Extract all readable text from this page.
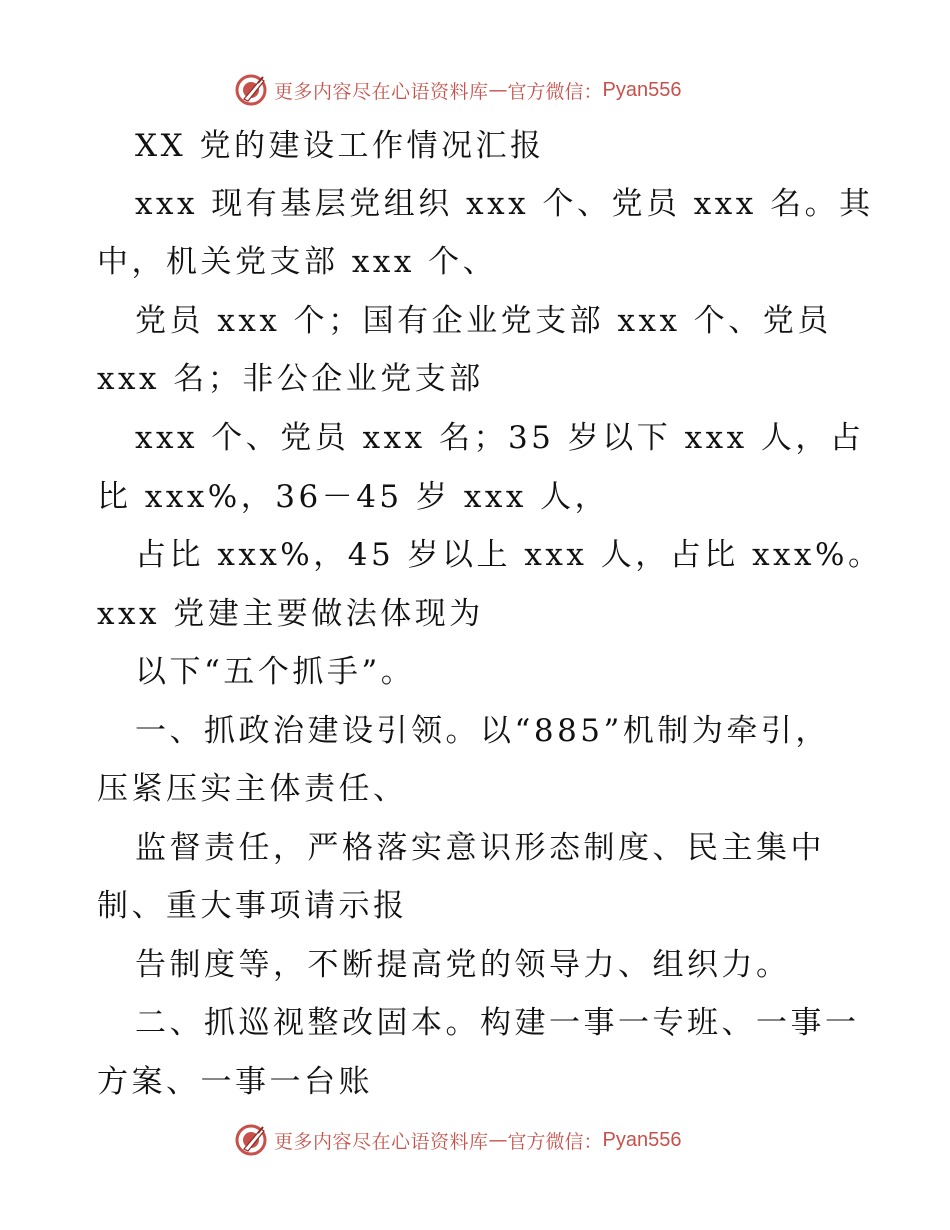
更多内容尽在心语资料库 — 官方微信： Pyan556
XX 党的建设工作情况汇报
xxx 现有基层党组织 xxx 个、党员 xxx 名。其
中，机关党支部 xxx 个、
党员 xxx 个；国有企业党支部 xxx 个、党员
xxx 名；非公企业党支部
xxx 个、党员 xxx 名；35 岁以下 xxx 人，占
比 xxx%，36－45 岁 xxx 人，
占比 xxx%，45 岁以上 xxx 人，占比 xxx%。
xxx 党建主要做法体现为
以下“五个抓手”。
一、抓政治建设引领。以“885”机制为牵引，
压紧压实主体责任、
监督责任，严格落实意识形态制度、民主集中
制、重大事项请示报
告制度等，不断提高党的领导力、组织力。
二、抓巡视整改固本。构建一事一专班、一事一
方案、一事一台账
更多内容尽在心语资料库 — 官方微信： Pyan556
